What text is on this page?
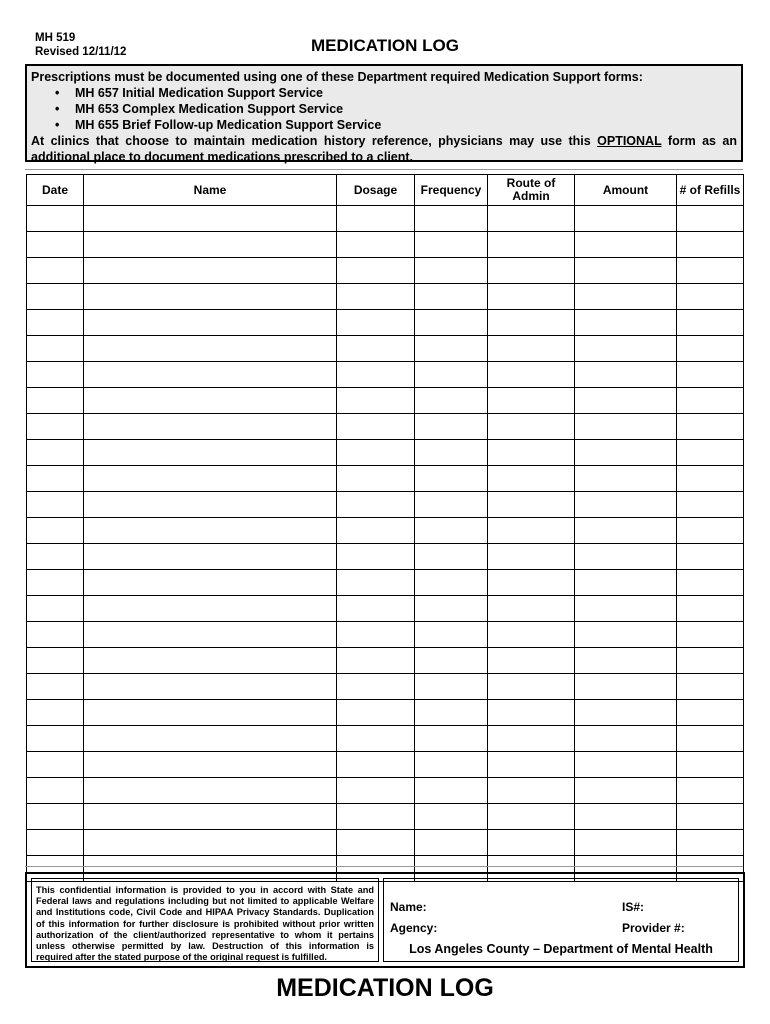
MH 519
Revised 12/11/12	MEDICATION LOG
Prescriptions must be documented using one of these Department required Medication Support forms:
• MH 657 Initial Medication Support Service
• MH 653 Complex Medication Support Service
• MH 655 Brief Follow-up Medication Support Service
At clinics that choose to maintain medication history reference, physicians may use this OPTIONAL form as an additional place to document medications prescribed to a client.
Date	Name	Dosage	Frequency	Route of Admin	Amount	# of Refills

This confidential information is provided to you in accord with State and Federal laws and regulations including but not limited to applicable Welfare and Institutions code, Civil Code and HIPAA Privacy Standards. Duplication of this information for further disclosure is prohibited without prior written authorization of the client/authorized representative to whom it pertains unless otherwise permitted by law. Destruction of this information is required after the stated purpose of the original request is fulfilled.
Name:	IS#:
Agency:	Provider #:
Los Angeles County – Department of Mental Health
MEDICATION LOG
